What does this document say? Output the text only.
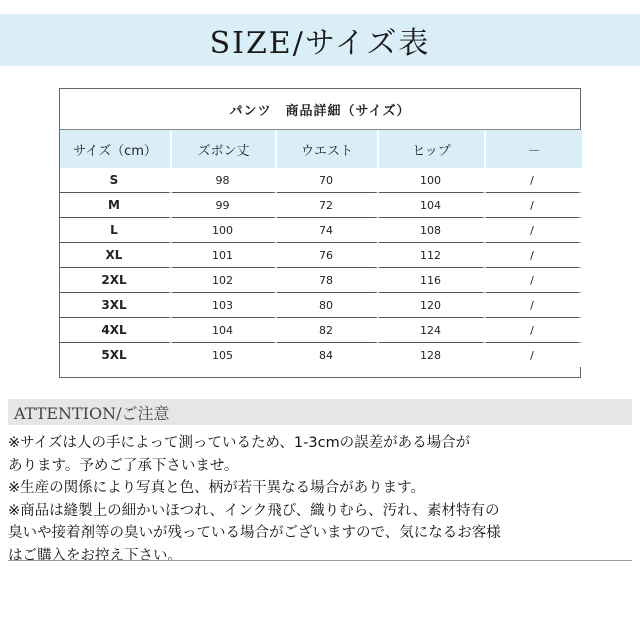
SIZE/サイズ表
パンツ　商品詳細（サイズ）
サイズ（cm）	ズボン丈	ウエスト	ヒップ	－
S	98	70	100	/
M	99	72	104	/
L	100	74	108	/
XL	101	76	112	/
2XL	102	78	116	/
3XL	103	80	120	/
4XL	104	82	124	/
5XL	105	84	128	/
ATTENTION/ご注意

※サイズは人の手によって測っているため、1-3cmの誤差がある場合が

あります。予めご了承下さいませ。

※生産の関係により写真と色、柄が若干異なる場合があります。

※商品は縫製上の細かいほつれ、インク飛び、織りむら、汚れ、素材特有の

臭いや接着剤等の臭いが残っている場合がございますので、気になるお客様

はご購入をお控え下さい。
